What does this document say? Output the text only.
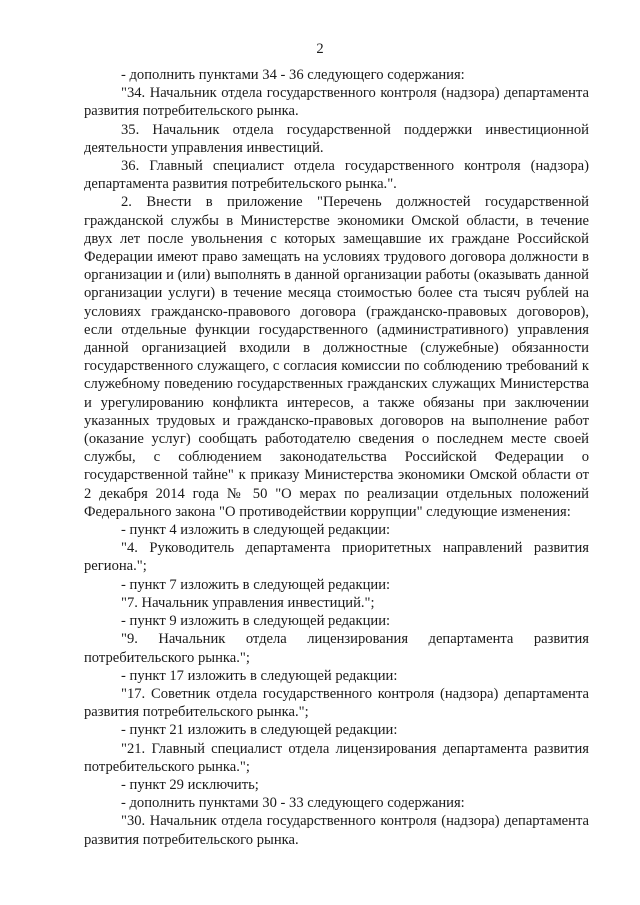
2

- дополнить пунктами 34 - 36 следующего содержания:

"34. Начальник отдела государственного контроля (надзора) департамента развития потребительского рынка.

35. Начальник отдела государственной поддержки инвестиционной деятельности управления инвестиций.

36. Главный специалист отдела государственного контроля (надзора) департамента развития потребительского рынка.".

2. Внести в приложение "Перечень должностей государственной гражданской службы в Министерстве экономики Омской области, в течение двух лет после увольнения с которых замещавшие их граждане Российской Федерации имеют право замещать на условиях трудового договора должности в организации и (или) выполнять в данной организации работы (оказывать данной организации услуги) в течение месяца стоимостью более ста тысяч рублей на условиях гражданско-правового договора (гражданско-правовых договоров), если отдельные функции государственного (административного) управления данной организацией входили в должностные (служебные) обязанности государственного служащего, с согласия комиссии по соблюдению требований к служебному поведению государственных гражданских служащих Министерства и урегулированию конфликта интересов, а также обязаны при заключении указанных трудовых и гражданско-правовых договоров на выполнение работ (оказание услуг) сообщать работодателю сведения о последнем месте своей службы, с соблюдением законодательства Российской Федерации о государственной тайне" к приказу Министерства экономики Омской области от 2 декабря 2014 года № 50 "О мерах по реализации отдельных положений Федерального закона "О противодействии коррупции" следующие изменения:

- пункт 4 изложить в следующей редакции:

"4. Руководитель департамента приоритетных направлений развития региона.";

- пункт 7 изложить в следующей редакции:

"7. Начальник управления инвестиций.";

- пункт 9 изложить в следующей редакции:

"9. Начальник отдела лицензирования департамента развития потребительского рынка.";

- пункт 17 изложить в следующей редакции:

"17. Советник отдела государственного контроля (надзора) департамента развития потребительского рынка.";

- пункт 21 изложить в следующей редакции:

"21. Главный специалист отдела лицензирования департамента развития потребительского рынка.";

- пункт 29 исключить;

- дополнить пунктами 30 - 33 следующего содержания:

"30. Начальник отдела государственного контроля (надзора) департамента развития потребительского рынка.
